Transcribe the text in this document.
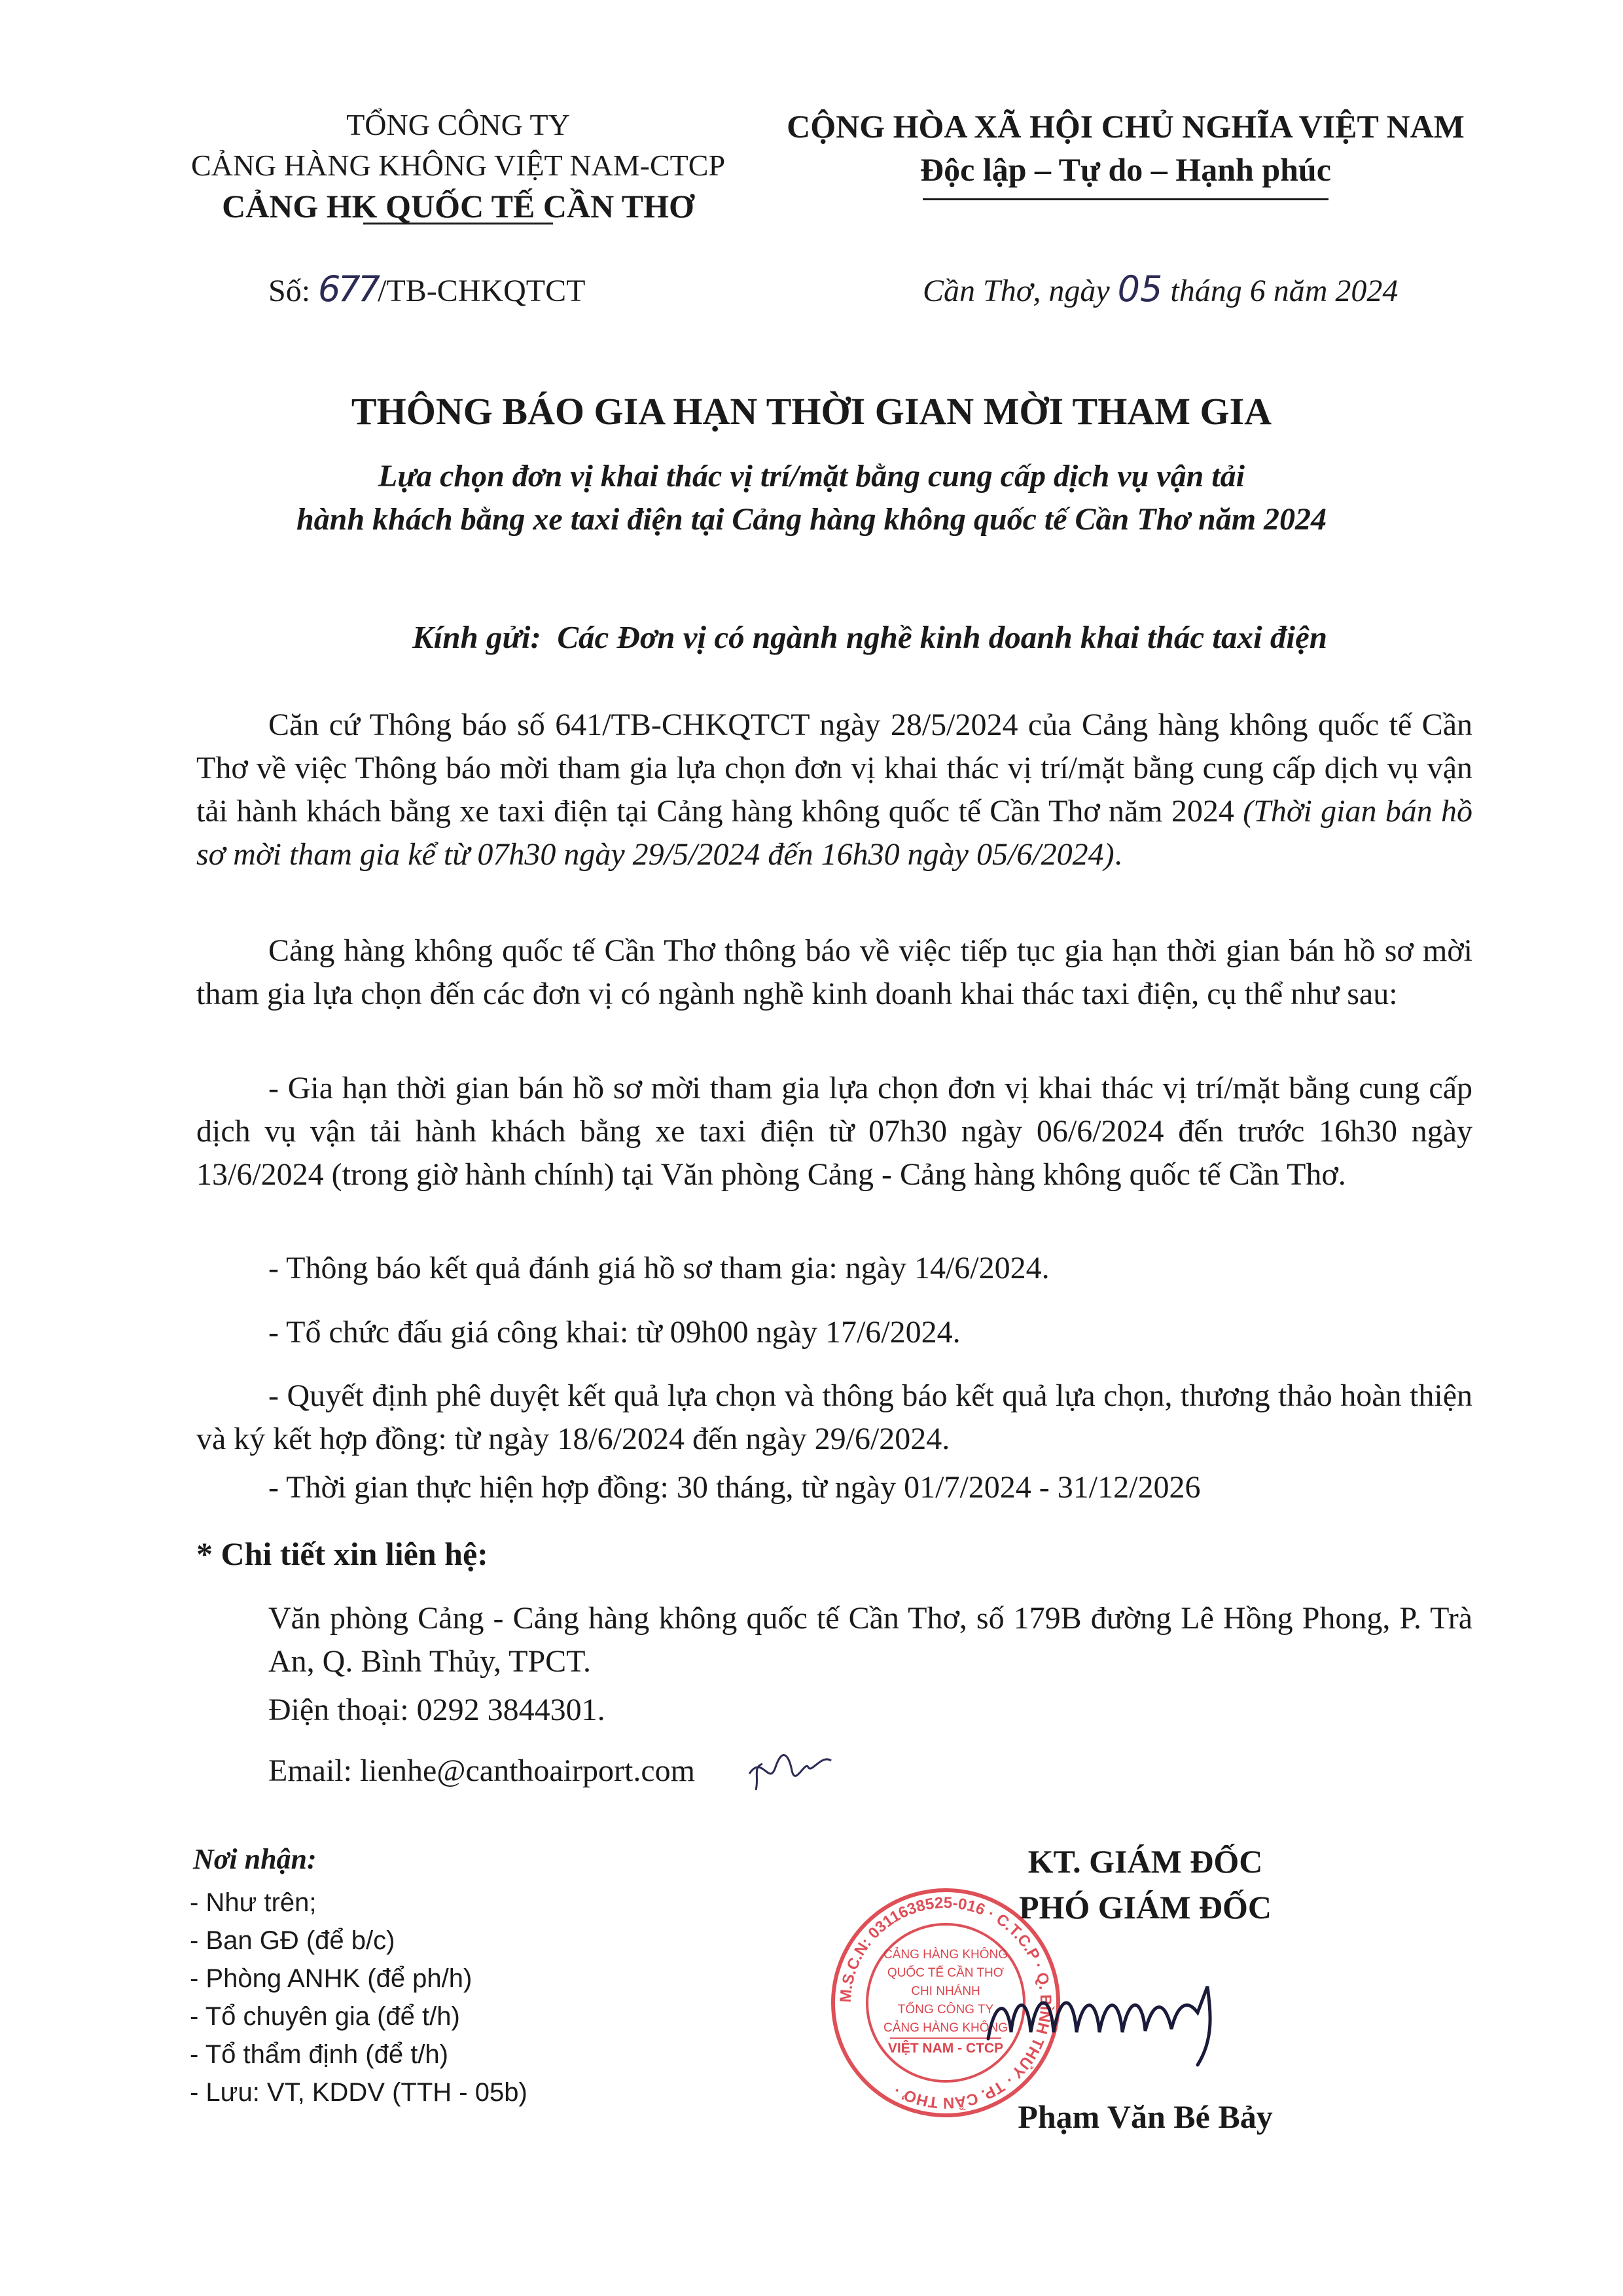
TỔNG CÔNG TY
CẢNG HÀNG KHÔNG VIỆT NAM-CTCP
CẢNG HK QUỐC TẾ CẦN THƠ
CỘNG HÒA XÃ HỘI CHỦ NGHĨA VIỆT NAM
Độc lập – Tự do – Hạnh phúc
Số: 677/TB-CHKQTCT	Cần Thơ, ngày 05 tháng 6 năm 2024
THÔNG BÁO GIA HẠN THỜI GIAN MỜI THAM GIA
Lựa chọn đơn vị khai thác vị trí/mặt bằng cung cấp dịch vụ vận tải
hành khách bằng xe taxi điện tại Cảng hàng không quốc tế Cần Thơ năm 2024
Kính gửi: Các Đơn vị có ngành nghề kinh doanh khai thác taxi điện
Căn cứ Thông báo số 641/TB-CHKQTCT ngày 28/5/2024 của Cảng hàng không quốc tế Cần Thơ về việc Thông báo mời tham gia lựa chọn đơn vị khai thác vị trí/mặt bằng cung cấp dịch vụ vận tải hành khách bằng xe taxi điện tại Cảng hàng không quốc tế Cần Thơ năm 2024 (Thời gian bán hồ sơ mời tham gia kể từ 07h30 ngày 29/5/2024 đến 16h30 ngày 05/6/2024).
Cảng hàng không quốc tế Cần Thơ thông báo về việc tiếp tục gia hạn thời gian bán hồ sơ mời tham gia lựa chọn đến các đơn vị có ngành nghề kinh doanh khai thác taxi điện, cụ thể như sau:
- Gia hạn thời gian bán hồ sơ mời tham gia lựa chọn đơn vị khai thác vị trí/mặt bằng cung cấp dịch vụ vận tải hành khách bằng xe taxi điện từ 07h30 ngày 06/6/2024 đến trước 16h30 ngày 13/6/2024 (trong giờ hành chính) tại Văn phòng Cảng - Cảng hàng không quốc tế Cần Thơ.
- Thông báo kết quả đánh giá hồ sơ tham gia: ngày 14/6/2024.
- Tổ chức đấu giá công khai: từ 09h00 ngày 17/6/2024.
- Quyết định phê duyệt kết quả lựa chọn và thông báo kết quả lựa chọn, thương thảo hoàn thiện và ký kết hợp đồng: từ ngày 18/6/2024 đến ngày 29/6/2024.
- Thời gian thực hiện hợp đồng: 30 tháng, từ ngày 01/7/2024 - 31/12/2026
* Chi tiết xin liên hệ:
Văn phòng Cảng - Cảng hàng không quốc tế Cần Thơ, số 179B đường Lê Hồng Phong, P. Trà An, Q. Bình Thủy, TPCT.
Điện thoại: 0292 3844301.
Email: lienhe@canthoairport.com
Nơi nhận:
- Như trên;
- Ban GĐ (để b/c)
- Phòng ANHK (để ph/h)
- Tổ chuyên gia (để t/h)
- Tổ thẩm định (để t/h)
- Lưu: VT, KDDV (TTH - 05b)
KT. GIÁM ĐỐC
PHÓ GIÁM ĐỐC
M.S.C.N: 0311638525-016 · C.T.C.P · Q. BÌNH THỦY · TP. CẦN THƠ ·
CẢNG HÀNG KHÔNG
QUỐC TẾ CẦN THƠ
CHI NHÁNH
TỔNG CÔNG TY
CẢNG HÀNG KHÔNG
VIỆT NAM - CTCP
Phạm Văn Bé Bảy
